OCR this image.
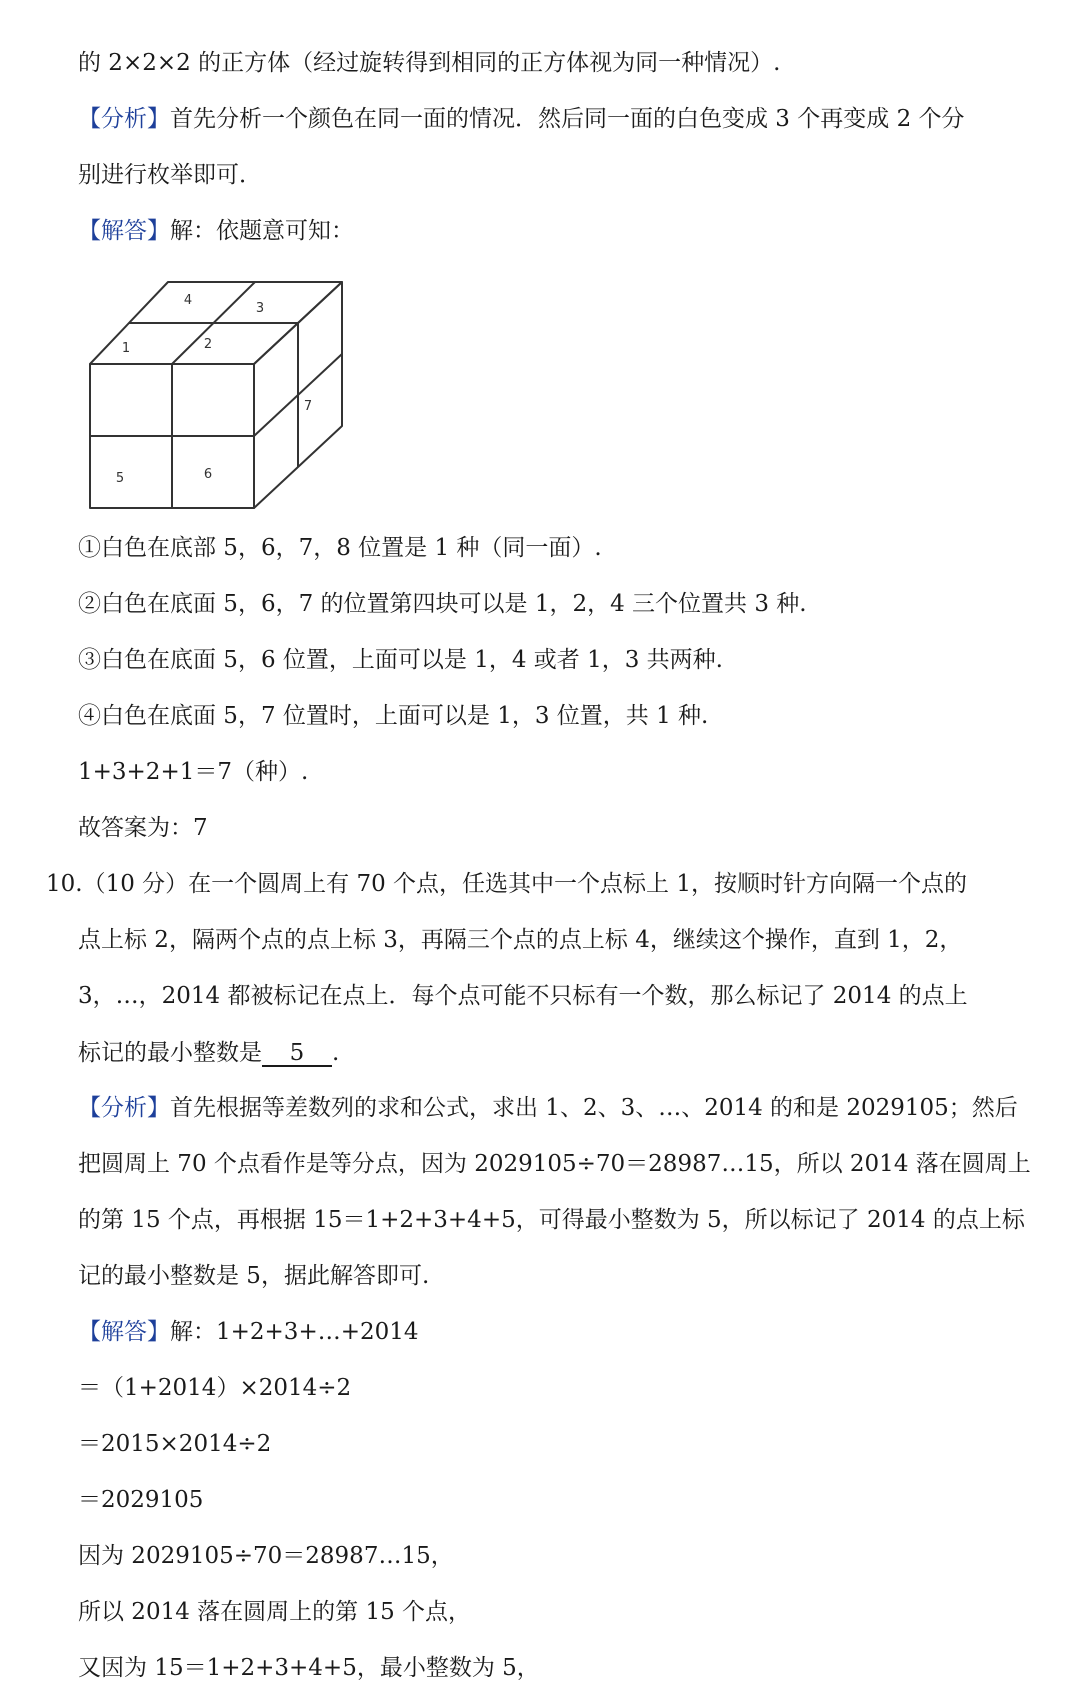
的 2×2×2 的正方体（经过旋转得到相同的正方体视为同一种情况）.
【分析】首先分析一个颜色在同一面的情况．然后同一面的白色变成 3 个再变成 2 个分
别进行枚举即可．
【解答】解：依题意可知：
4
3
1	2
7
5	6
①白色在底部 5，6，7，8 位置是 1 种（同一面）.
②白色在底面 5，6，7 的位置第四块可以是 1，2，4 三个位置共 3 种.
③白色在底面 5，6 位置，上面可以是 1，4 或者 1，3 共两种.
④白色在底面 5，7 位置时，上面可以是 1，3 位置，共 1 种.
1+3+2+1＝7（种）.
故答案为：7
10.（10 分）在一个圆周上有 70 个点，任选其中一个点标上 1，按顺时针方向隔一个点的
点上标 2，隔两个点的点上标 3，再隔三个点的点上标 4，继续这个操作，直到 1，2，
3，…，2014 都被标记在点上．每个点可能不只标有一个数，那么标记了 2014 的点上
标记的最小整数是 5 .
【分析】首先根据等差数列的求和公式，求出 1、2、3、…、2014 的和是 2029105；然后
把圆周上 70 个点看作是等分点，因为 2029105÷70＝28987…15，所以 2014 落在圆周上
的第 15 个点，再根据 15＝1+2+3+4+5，可得最小整数为 5，所以标记了 2014 的点上标
记的最小整数是 5，据此解答即可.
【解答】解：1+2+3+…+2014
＝（1+2014）×2014÷2
＝2015×2014÷2
＝2029105
因为 2029105÷70＝28987…15，
所以 2014 落在圆周上的第 15 个点，
又因为 15＝1+2+3+4+5，最小整数为 5，
